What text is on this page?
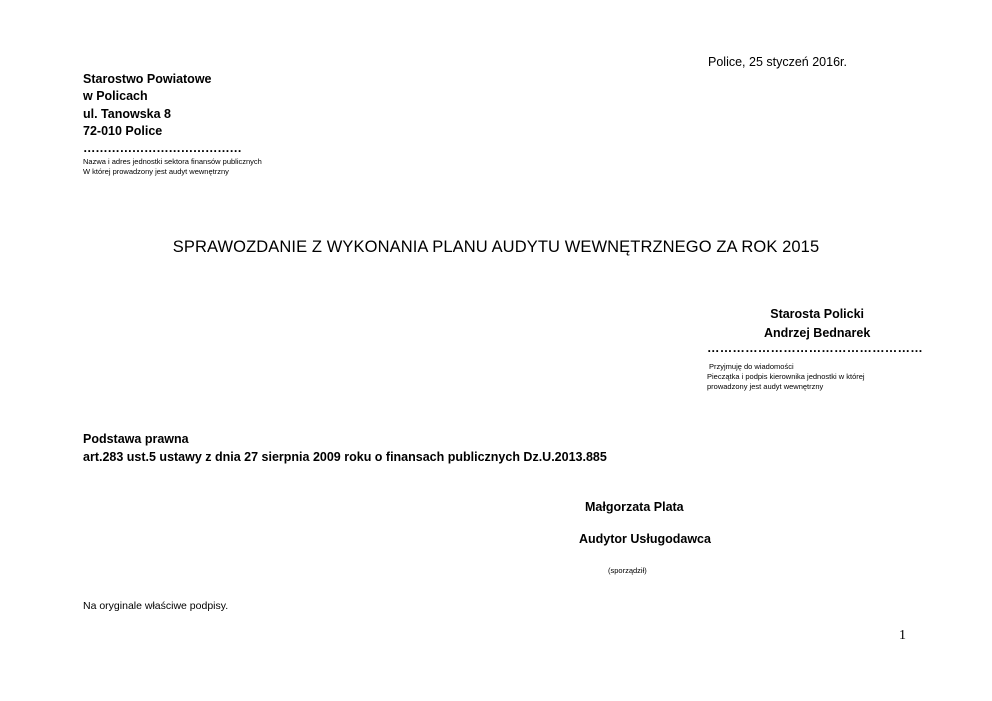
Police, 25 styczeń 2016r.
Starostwo Powiatowe
w Policach
ul. Tanowska 8
72-010 Police
…………………………………
Nazwa i adres jednostki sektora finansów publicznych
W której prowadzony jest audyt wewnętrzny
SPRAWOZDANIE Z WYKONANIA PLANU AUDYTU WEWNĘTRZNEGO ZA ROK 2015
Starosta Policki
Andrzej Bednarek
……………………………………………
Przyjmuję do wiadomości
Pieczątka i podpis kierownika jednostki w której
prowadzony jest audyt wewnętrzny
Podstawa prawna
art.283 ust.5 ustawy z dnia 27 sierpnia 2009 roku o finansach publicznych Dz.U.2013.885
Małgorzata Plata
Audytor Usługodawca
(sporządził)
Na oryginale właściwe podpisy.
1
